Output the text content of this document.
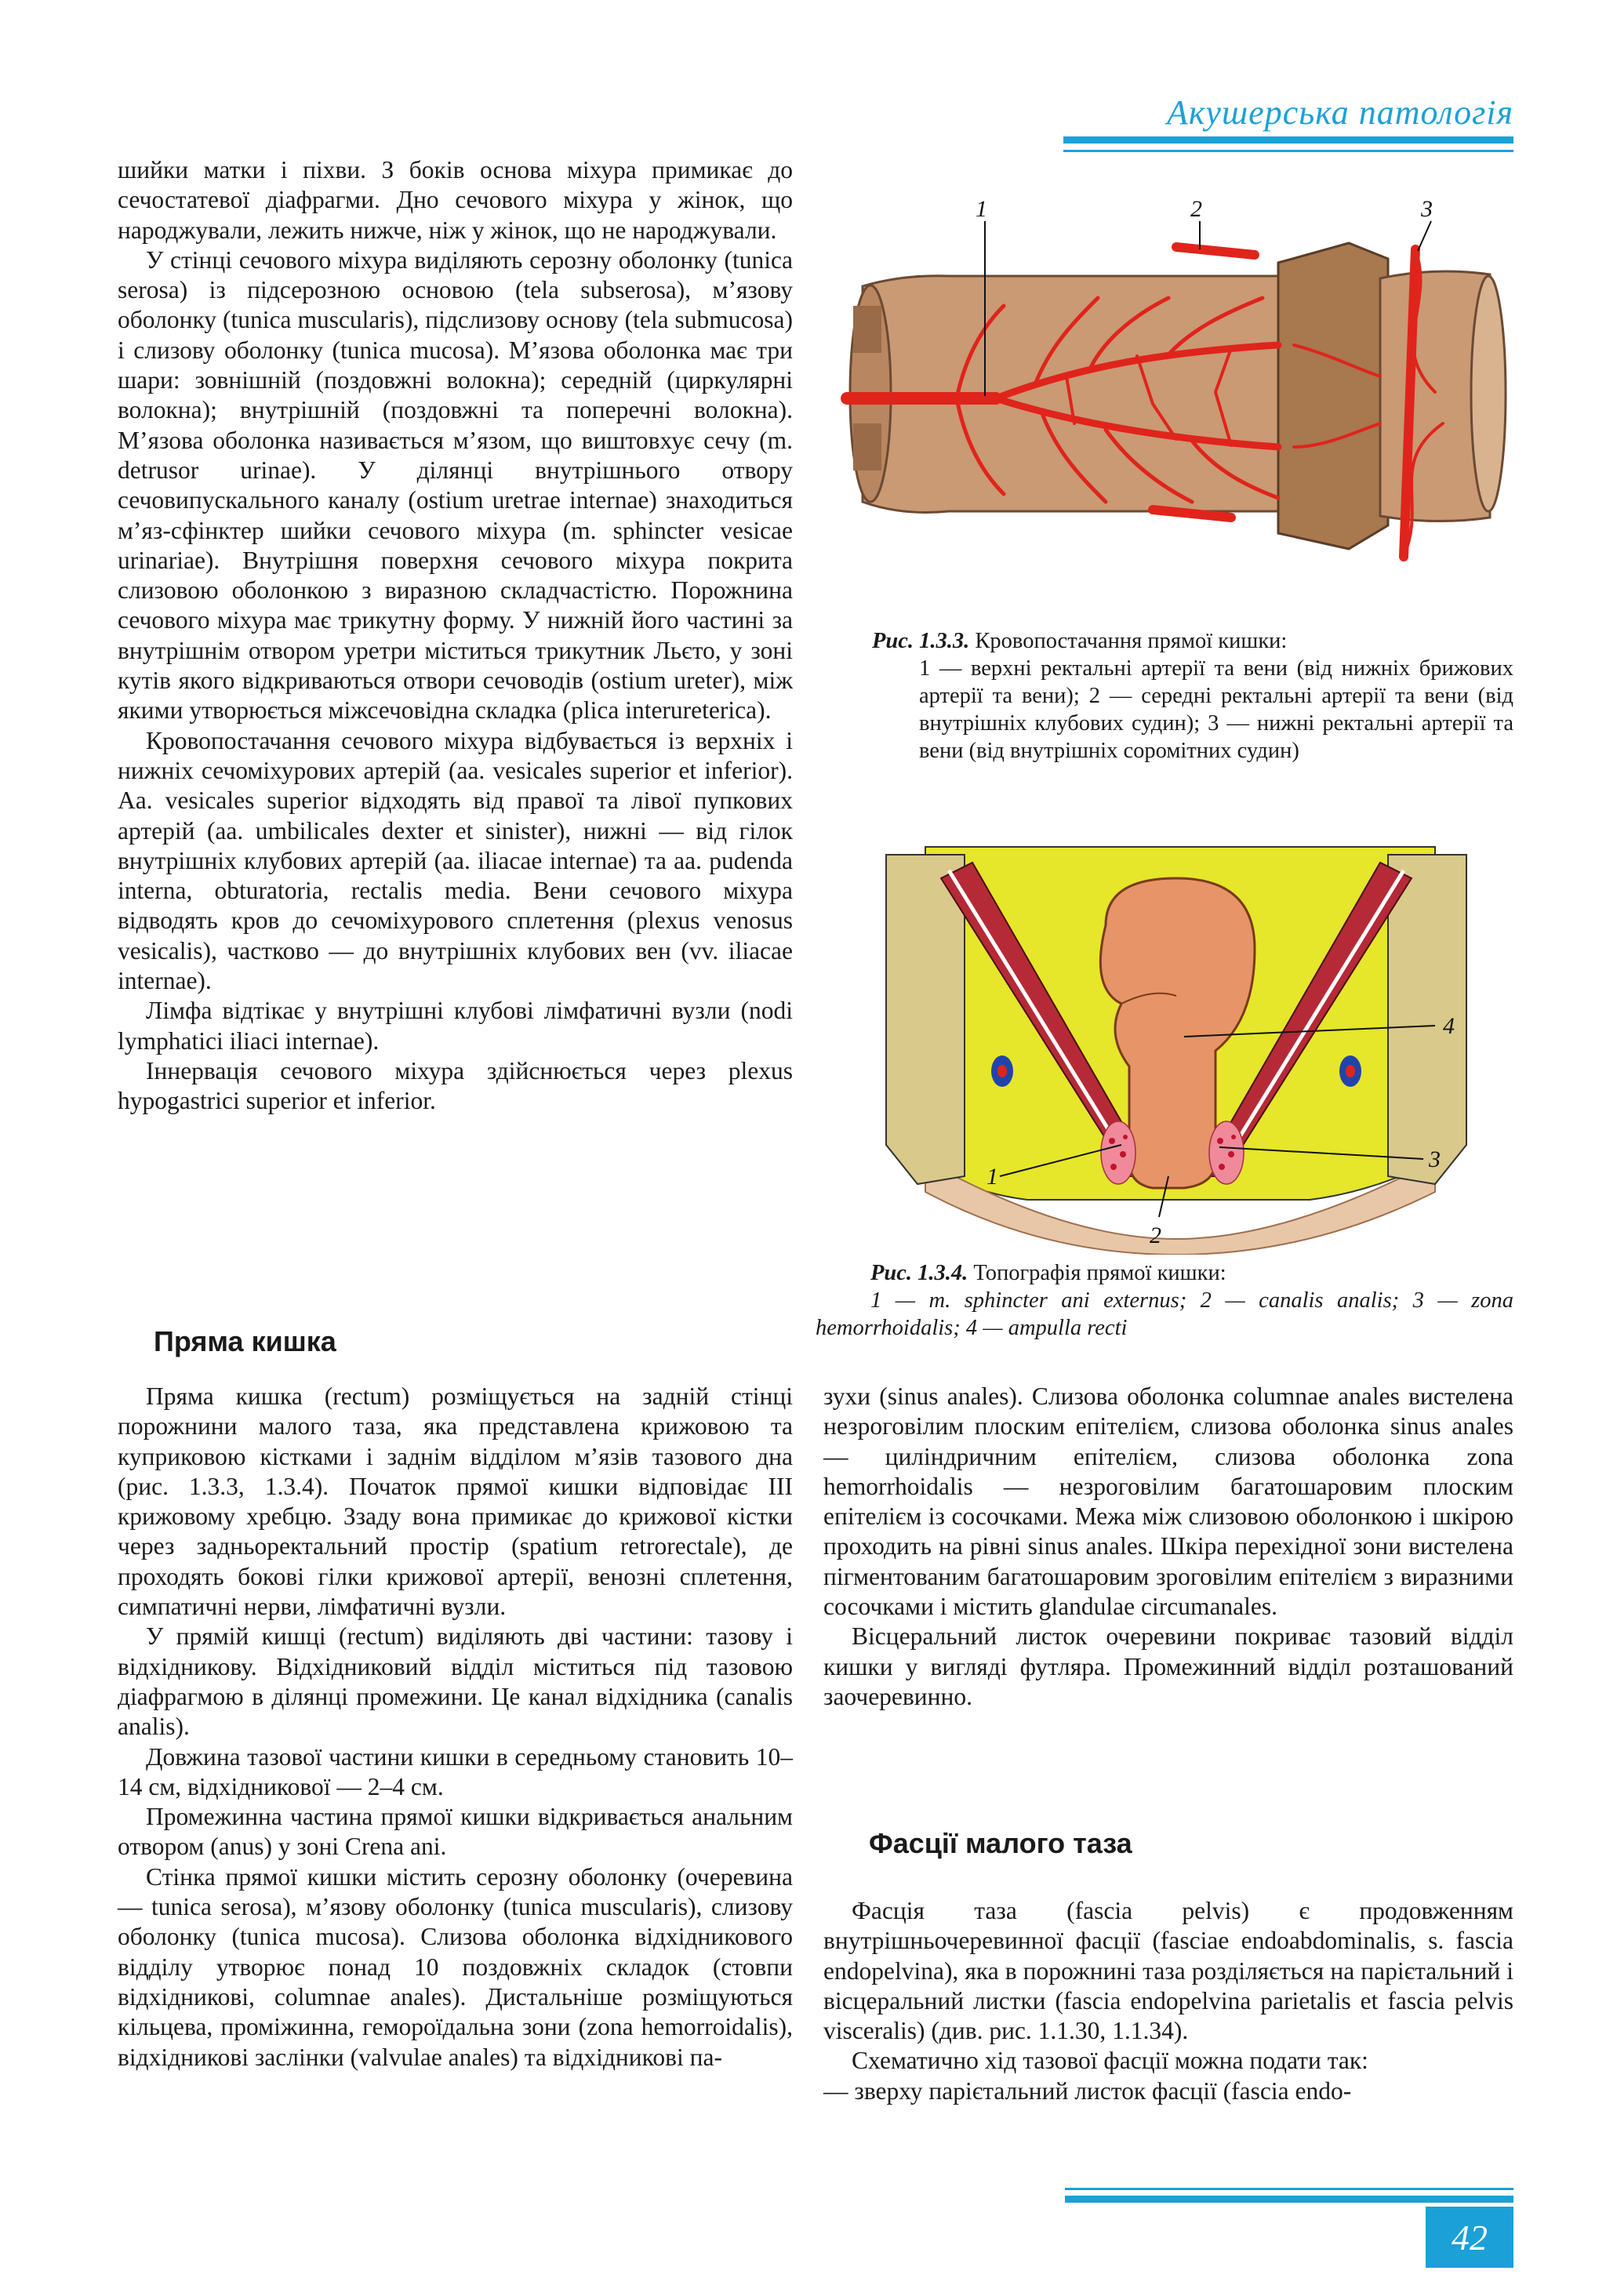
Акушерська патологія

шийки матки і піхви. З боків основа міхура примикає до сечостатевої діафрагми. Дно сечового міхура у жінок, що народжували, лежить нижче, ніж у жінок, що не народжували.

У стінці сечового міхура виділяють серозну оболонку (tunica serosa) із підсерозною основою (tela subserosa), м’язову оболонку (tunica muscularis), підслизову основу (tela submucosa) і слизову оболонку (tunica mucosa). М’язова оболонка має три шари: зовнішній (поздовжні волокна); середній (циркулярні волокна); внутрішній (поздовжні та поперечні волокна). М’язова оболонка називається м’язом, що виштовхує сечу (m. detrusor urinae). У ділянці внутрішнього отвору сечовипускального каналу (ostium uretrae internae) знаходиться м’яз-сфінктер шийки сечового міхура (m. sphincter vesicae urinariae). Внутрішня поверхня сечового міхура покрита слизовою оболонкою з виразною складчастістю. Порожнина сечового міхура має трикутну форму. У нижній його частині за внутрішнім отвором уретри міститься трикутник Льєто, у зоні кутів якого відкриваються отвори сечоводів (ostium ureter), між якими утворюється міжсечовідна складка (plica interureterica).

Кровопостачання сечового міхура відбувається із верхніх і нижніх сечоміхурових артерій (aa. vesicales superior et inferior). Aa. vesicales superior відходять від правої та лівої пупкових артерій (aa. umbilicales dexter et sinister), нижні — від гілок внутрішніх клубових артерій (aa. iliacae internae) та aa. pudenda interna, obturatoria, rectalis media. Вени сечового міхура відводять кров до сечоміхурового сплетення (plexus venosus vesicalis), частково — до внутрішніх клубових вен (vv. iliacae internae).

Лімфа відтікає у внутрішні клубові лімфатичні вузли (nodi lymphatici iliaci internae).

Іннервація сечового міхура здійснюється через plexus hypogastrici superior et inferior.

Пряма кишка

Пряма кишка (rectum) розміщується на задній стінці порожнини малого таза, яка представлена крижовою та куприковою кістками і заднім відділом м’язів тазового дна (рис. 1.3.3, 1.3.4). Початок прямої кишки відповідає III крижовому хребцю. Ззаду вона примикає до крижової кістки через задньоректальний простір (spatium retrorectale), де проходять бокові гілки крижової артерії, венозні сплетення, симпатичні нерви, лімфатичні вузли.

У прямій кишці (rectum) виділяють дві частини: тазову і відхідникову. Відхідниковий відділ міститься під тазовою діафрагмою в ділянці промежини. Це канал відхідника (canalis analis).

Довжина тазової частини кишки в середньому становить 10–14 см, відхідникової — 2–4 см.

Промежинна частина прямої кишки відкривається анальним отвором (anus) у зоні Crena ani.

Стінка прямої кишки містить серозну оболонку (очеревина — tunica serosa), м’язову оболонку (tunica muscularis), слизову оболонку (tunica mucosa). Слизова оболонка відхідникового відділу утворює понад 10 поздовжніх складок (стовпи відхідникові, columnae anales). Дистальніше розміщуються кільцева, проміжинна, гемороїдальна зони (zona hemorroidalis), відхідникові заслінки (valvulae anales) та відхідникові па-

1	2	3
Рис. 1.3.3. Кровопостачання прямої кишки:
1 — верхні ректальні артерії та вени (від нижніх брижових артерії та вени); 2 — середні ректальні артерії та вени (від внутрішніх клубових судин); 3 — нижні ректальні артерії та вени (від внутрішніх соромітних судин)
4
3
1
2
Рис. 1.3.4. Топографія прямої кишки:
1 — m. sphincter ani externus; 2 — canalis analis; 3 — zona hemorrhoidalis; 4 — ampulla recti

зухи (sinus anales). Слизова оболонка columnae anales вистелена незроговілим плоским епітелієм, слизова оболонка sinus anales — циліндричним епітелієм, слизова оболонка zona hemorrhoidalis — незроговілим багатошаровим плоским епітелієм із сосочками. Межа між слизовою оболонкою і шкірою проходить на рівні sinus anales. Шкіра перехідної зони вистелена пігментованим багатошаровим зроговілим епітелієм з виразними сосочками і містить glandulae circumanales.

Вісцеральний листок очеревини покриває тазовий відділ кишки у вигляді футляра. Промежинний відділ розташований заочеревинно.

Фасції малого таза

Фасція таза (fascia pelvis) є продовженням внутрішньочеревинної фасції (fasciae endoabdominalis, s. fascia endopelvina), яка в порожнині таза розділяється на парієтальний і вісцеральний листки (fascia endopelvina parietalis et fascia pelvis visceralis) (див. рис. 1.1.30, 1.1.34).

Схематично хід тазової фасції можна подати так:

— зверху парієтальний листок фасції (fascia endo-

42
